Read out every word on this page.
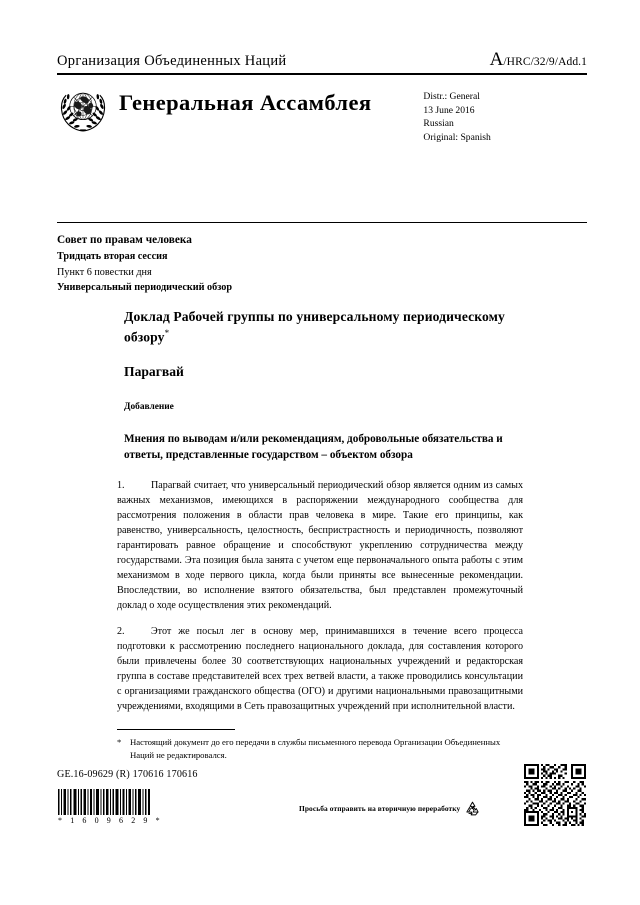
Организация Объединенных Наций	A/HRC/32/9/Add.1
Генеральная Ассамблея	Distr.: General
13 June 2016
Russian
Original: Spanish
Совет по правам человека
Тридцать вторая сессия
Пункт 6 повестки дня
Универсальный периодический обзор
Доклад Рабочей группы по универсальному периодическому обзору*
Парагвай
Добавление
Мнения по выводам и/или рекомендациям, добровольные обязательства и ответы, представленные государством – объектом обзора

1.	Парагвай считает, что универсальный периодический обзор является одним из самых важных механизмов, имеющихся в распоряжении международного сообщества для рассмотрения положения в области прав человека в мире. Такие его принципы, как равенство, универсальность, целостность, беспристрастность и периодичность, позволяют гарантировать равное обращение и способствуют укреплению сотрудничества между государствами. Эта позиция была занята с учетом еще первоначального опыта работы с этим механизмом в ходе первого цикла, когда были приняты все вынесенные рекомендации. Впоследствии, во исполнение взятого обязательства, был представлен промежуточный доклад о ходе осуществления этих рекомендаций.

2.	Этот же посыл лег в основу мер, принимавшихся в течение всего процесса подготовки к рассмотрению последнего национального доклада, для составления которого были привлечены более 30 соответствующих национальных учреждений и редакторская группа в составе представителей всех трех ветвей власти, а также проводились консультации с организациями гражданского общества (ОГО) и другими национальными правозащитными учреждениями, входящими в Сеть правозащитных учреждений при исполнительной власти.

* Настоящий документ до его передачи в службы письменного перевода Организации Объединенных Наций не редактировался.
GE.16-09629 (R) 170616 170616
* 1 6 0 9 6 2 9 *
Просьба отправить на вторичную переработку
